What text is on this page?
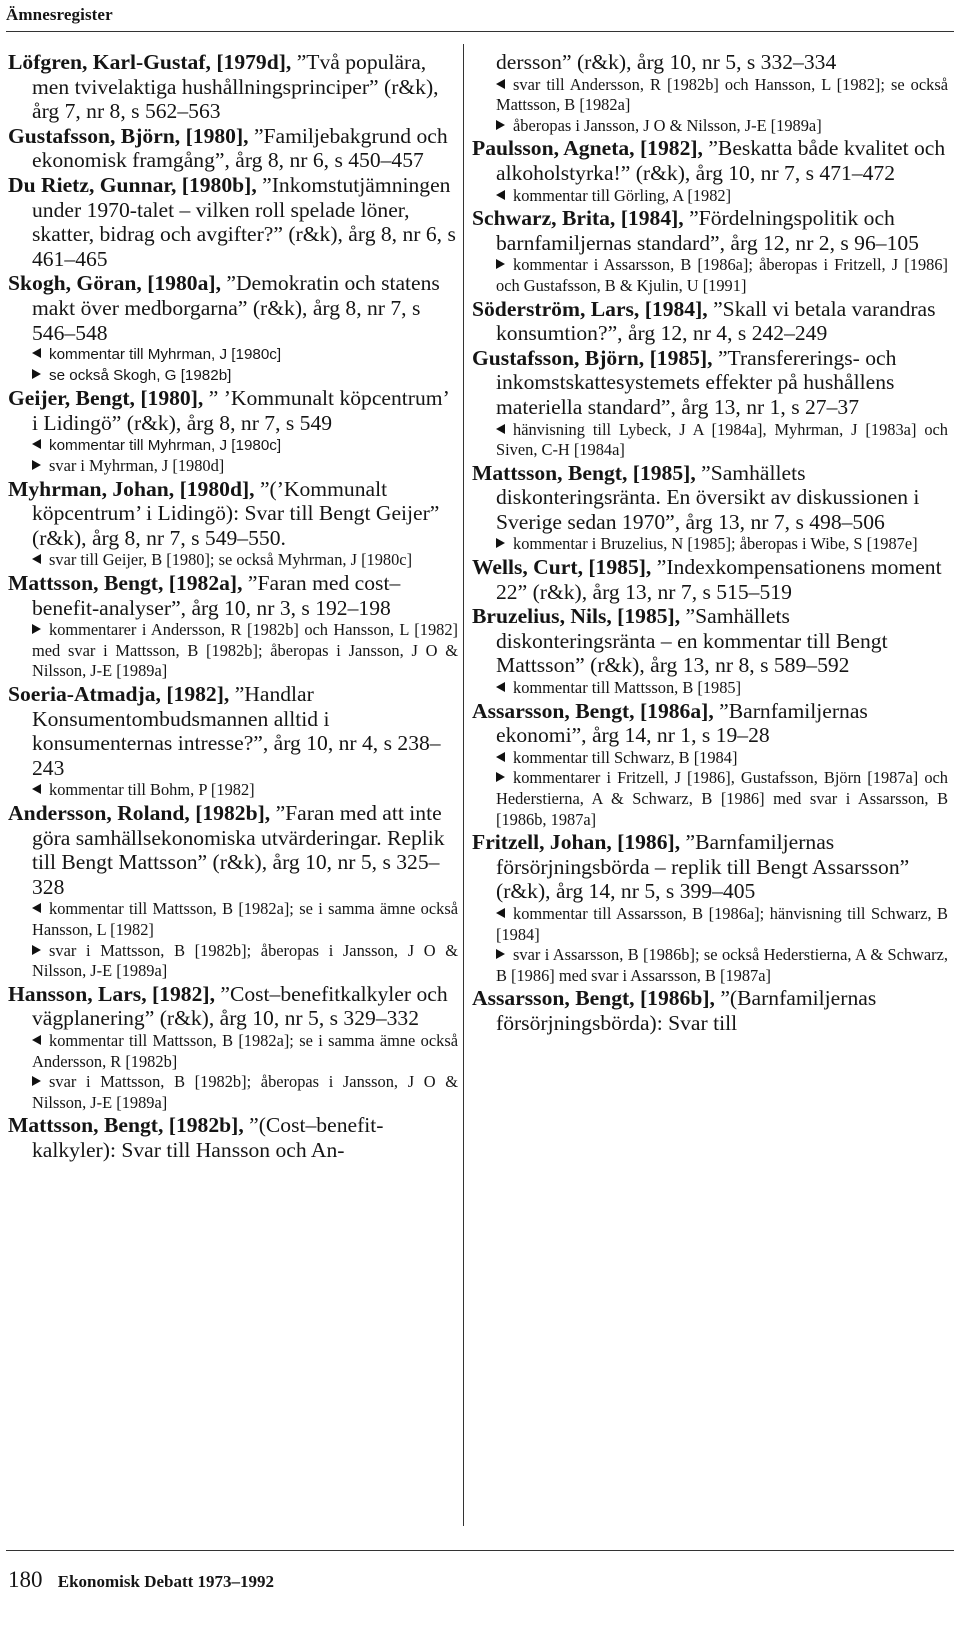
Ämnesregister

Löfgren, Karl-Gustaf, [1979d], ”Två populära, men tvivelaktiga hushållningsprinciper” (r&k), årg 7, nr 8, s 562–563

Gustafsson, Björn, [1980], ”Familjebakgrund och ekonomisk framgång”, årg 8, nr 6, s 450–457

Du Rietz, Gunnar, [1980b], ”Inkomstutjämningen under 1970-talet – vilken roll spelade löner, skatter, bidrag och avgifter?” (r&k), årg 8, nr 6, s 461–465

Skogh, Göran, [1980a], ”Demokratin och statens makt över medborgarna” (r&k), årg 8, nr 7, s 546–548

kommentar till Myhrman, J [1980c]

se också Skogh, G [1982b]

Geijer, Bengt, [1980], ” ’Kommunalt köpcentrum’ i Lidingö” (r&k), årg 8, nr 7, s 549

kommentar till Myhrman, J [1980c]

svar i Myhrman, J [1980d]

Myhrman, Johan, [1980d], ”(’Kommunalt köpcentrum’ i Lidingö): Svar till Bengt Geijer” (r&k), årg 8, nr 7, s 549–550.

svar till Geijer, B [1980]; se också Myhrman, J [1980c]

Mattsson, Bengt, [1982a], ”Faran med cost–benefit-analyser”, årg 10, nr 3, s 192–198

kommentarer i Andersson, R [1982b] och Hansson, L [1982] med svar i Mattsson, B [1982b]; åberopas i Jansson, J O & Nilsson, J-E [1989a]

Soeria-Atmadja, [1982], ”Handlar Konsumentombudsmannen alltid i konsumenternas intresse?”, årg 10, nr 4, s 238–243

kommentar till Bohm, P [1982]

Andersson, Roland, [1982b], ”Faran med att inte göra samhällsekonomiska utvärderingar. Replik till Bengt Mattsson” (r&k), årg 10, nr 5, s 325–328

kommentar till Mattsson, B [1982a]; se i samma ämne också Hansson, L [1982]

svar i Mattsson, B [1982b]; åberopas i Jansson, J O & Nilsson, J-E [1989a]

Hansson, Lars, [1982], ”Cost–benefitkalkyler och vägplanering” (r&k), årg 10, nr 5, s 329–332

kommentar till Mattsson, B [1982a]; se i samma ämne också Andersson, R [1982b]

svar i Mattsson, B [1982b]; åberopas i Jansson, J O & Nilsson, J-E [1989a]

Mattsson, Bengt, [1982b], ”(Cost–benefit-kalkyler): Svar till Hansson och An-

dersson” (r&k), årg 10, nr 5, s 332–334

svar till Andersson, R [1982b] och Hansson, L [1982]; se också Mattsson, B [1982a]

åberopas i Jansson, J O & Nilsson, J-E [1989a]

Paulsson, Agneta, [1982], ”Beskatta både kvalitet och alkoholstyrka!” (r&k), årg 10, nr 7, s 471–472

kommentar till Görling, A [1982]

Schwarz, Brita, [1984], ”Fördelningspolitik och barnfamiljernas standard”, årg 12, nr 2, s 96–105

kommentar i Assarsson, B [1986a]; åberopas i Fritzell, J [1986] och Gustafsson, B & Kjulin, U [1991]

Söderström, Lars, [1984], ”Skall vi betala varandras konsumtion?”, årg 12, nr 4, s 242–249

Gustafsson, Björn, [1985], ”Transfererings- och inkomstskattesystemets effekter på hushållens materiella standard”, årg 13, nr 1, s 27–37

hänvisning till Lybeck, J A [1984a], Myhrman, J [1983a] och Siven, C-H [1984a]

Mattsson, Bengt, [1985], ”Samhällets diskonteringsränta. En översikt av diskussionen i Sverige sedan 1970”, årg 13, nr 7, s 498–506

kommentar i Bruzelius, N [1985]; åberopas i Wibe, S [1987e]

Wells, Curt, [1985], ”Indexkompensationens moment 22” (r&k), årg 13, nr 7, s 515–519

Bruzelius, Nils, [1985], ”Samhällets diskonteringsränta – en kommentar till Bengt Mattsson” (r&k), årg 13, nr 8, s 589–592

kommentar till Mattsson, B [1985]

Assarsson, Bengt, [1986a], ”Barnfamiljernas ekonomi”, årg 14, nr 1, s 19–28

kommentar till Schwarz, B [1984]

kommentarer i Fritzell, J [1986], Gustafsson, Björn [1987a] och Hederstierna, A & Schwarz, B [1986] med svar i Assarsson, B [1986b, 1987a]

Fritzell, Johan, [1986], ”Barnfamiljernas försörjningsbörda – replik till Bengt Assarsson” (r&k), årg 14, nr 5, s 399–405

kommentar till Assarsson, B [1986a]; hänvisning till Schwarz, B [1984]

svar i Assarsson, B [1986b]; se också Hederstierna, A & Schwarz, B [1986] med svar i Assarsson, B [1987a]

Assarsson, Bengt, [1986b], ”(Barnfamiljernas försörjningsbörda): Svar till

180 Ekonomisk Debatt 1973–1992
